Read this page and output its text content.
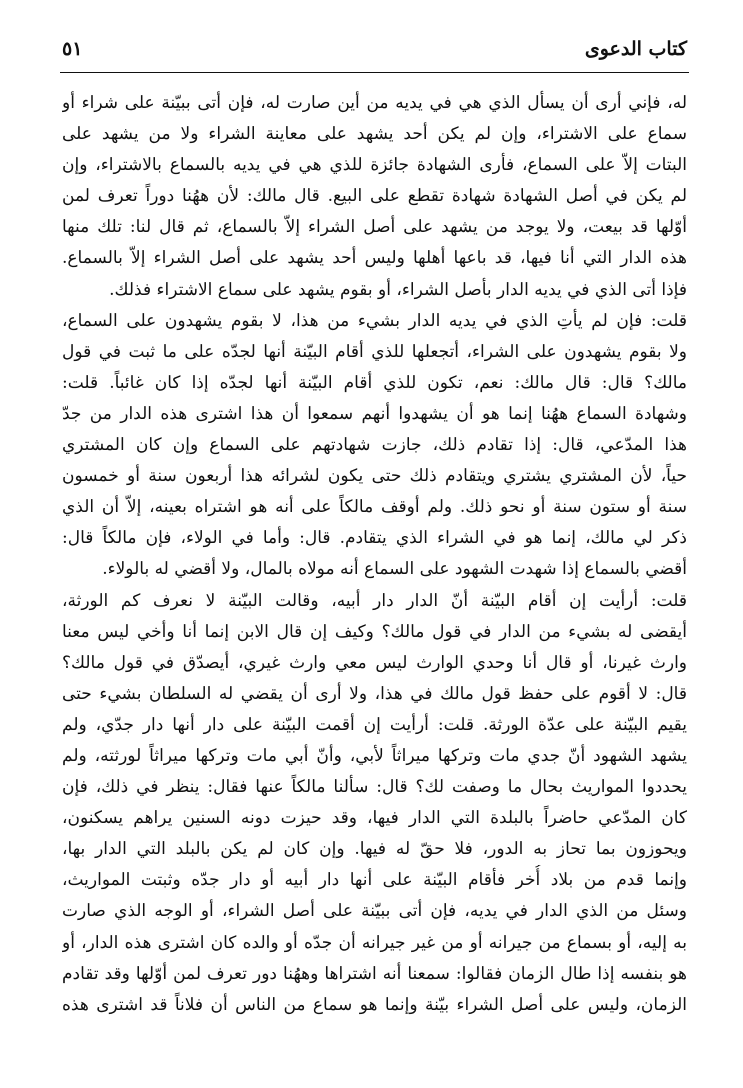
كتاب الدعوى
٥١
له، فإني أرى أن يسأل الذي هي في يديه من أين صارت له، فإن أتى ببيّنة على شراء أو
سماع على الاشتراء، وإن لم يكن أحد يشهد على معاينة الشراء ولا من يشهد على
البتات إلاّ على السماع، فأرى الشهادة جائزة للذي هي في يديه بالسماع بالاشتراء، وإن
لم يكن في أصل الشهادة شهادة تقطع على البيع. قال مالك: لأن ههُنا دوراً تعرف لمن
أوّلها قد بيعت، ولا يوجد من يشهد على أصل الشراء إلاّ بالسماع، ثم قال لنا: تلك منها
هذه الدار التي أنا فيها، قد باعها أهلها وليس أحد يشهد على أصل الشراء إلاّ بالسماع.
فإذا أتى الذي في يديه الدار بأصل الشراء، أو بقوم يشهد على سماع الاشتراء فذلك.
قلت: فإن لم يأتِ الذي في يديه الدار بشيء من هذا، لا بقوم يشهدون على السماع،
ولا بقوم يشهدون على الشراء، أتجعلها للذي أقام البيّنة أنها لجدّه على ما ثبت في قول
مالك؟ قال: قال مالك: نعم، تكون للذي أقام البيّنة أنها لجدّه إذا كان غائباً. قلت:
وشهادة السماع ههُنا إنما هو أن يشهدوا أنهم سمعوا أن هذا اشترى هذه الدار من جدّ
هذا المدّعي، قال: إذا تقادم ذلك، جازت شهادتهم على السماع وإن كان المشتري
حياً، لأن المشتري يشتري ويتقادم ذلك حتى يكون لشرائه هذا أربعون سنة أو خمسون
سنة أو ستون سنة أو نحو ذلك. ولم أوقف مالكاً على أنه هو اشتراه بعينه، إلاّ أن الذي
ذكر لي مالك، إنما هو في الشراء الذي يتقادم. قال: وأما في الولاء، فإن مالكاً قال:
أقضي بالسماع إذا شهدت الشهود على السماع أنه مولاه بالمال، ولا أقضي له بالولاء.
قلت: أرأيت إن أقام البيّنة أنّ الدار دار أبيه، وقالت البيّنة لا نعرف كم الورثة،
أيقضى له بشيء من الدار في قول مالك؟ وكيف إن قال الابن إنما أنا وأخي ليس معنا
وارث غيرنا، أو قال أنا وحدي الوارث ليس معي وارث غيري، أيصدّق في قول مالك؟
قال: لا أقوم على حفظ قول مالك في هذا، ولا أرى أن يقضي له السلطان بشيء حتى
يقيم البيّنة على عدّة الورثة. قلت: أرأيت إن أقمت البيّنة على دار أنها دار جدّي، ولم
يشهد الشهود أنّ جدي مات وتركها ميراثاً لأبي، وأنّ أبي مات وتركها ميراثاً لورثته، ولم
يحددوا المواريث بحال ما وصفت لك؟ قال: سألنا مالكاً عنها فقال: ينظر في ذلك، فإن
كان المدّعي حاضراً بالبلدة التي الدار فيها، وقد حيزت دونه السنين يراهم يسكنون،
ويحوزون بما تحاز به الدور، فلا حقّ له فيها. وإن كان لم يكن بالبلد التي الدار بها،
وإنما قدم من بلاد أُخر فأقام البيّنة على أنها دار أبيه أو دار جدّه وثبتت المواريث،
وسئل من الذي الدار في يديه، فإن أتى ببيّنة على أصل الشراء، أو الوجه الذي صارت
به إليه، أو بسماع من جيرانه أو من غير جيرانه أن جدّه أو والده كان اشترى هذه الدار، أو
هو بنفسه إذا طال الزمان فقالوا: سمعنا أنه اشتراها وههُنا دور تعرف لمن أوّلها وقد تقادم
الزمان، وليس على أصل الشراء بيّنة وإنما هو سماع من الناس أن فلاناً قد اشترى هذه
